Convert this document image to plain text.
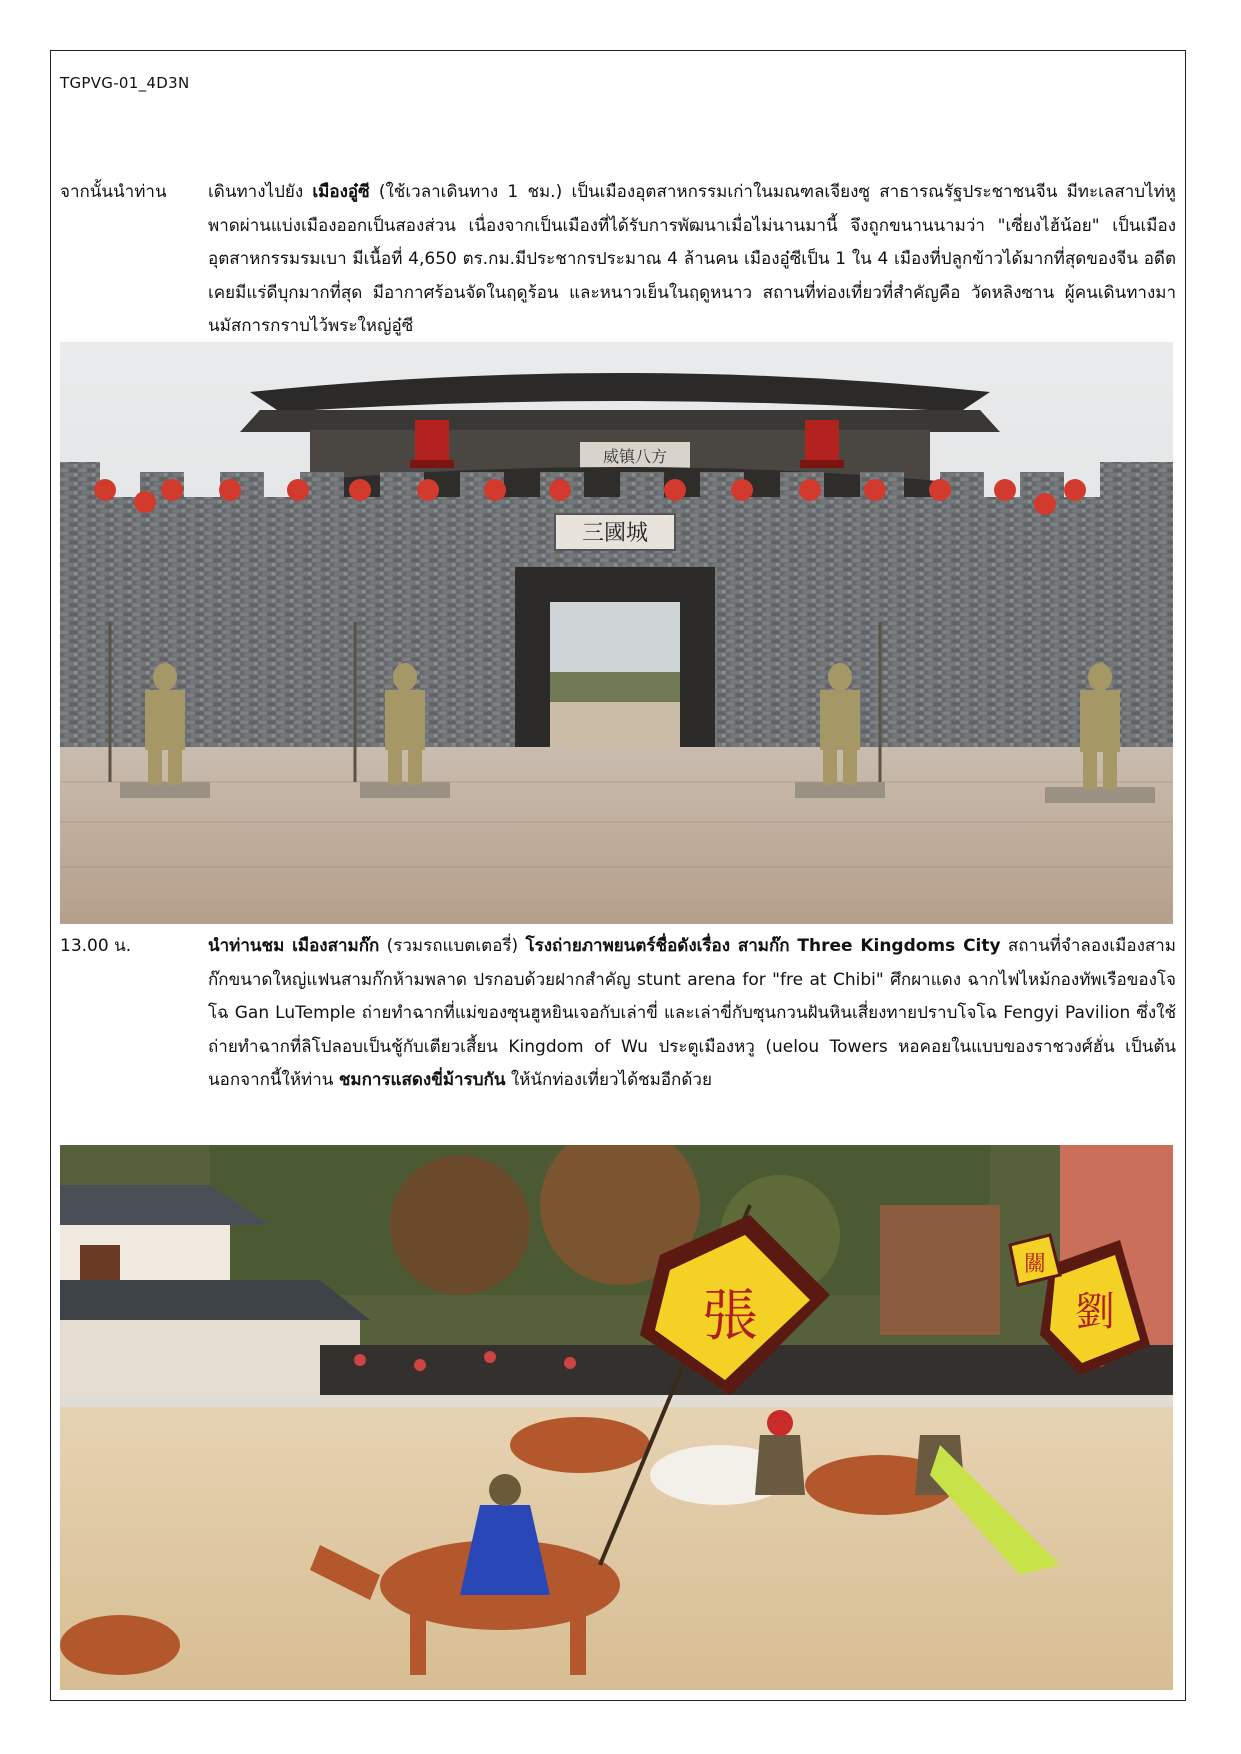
TGPVG-01_4D3N
จากนั้นนำท่าน	เดินทางไปยัง เมืองอู๋ซี (ใช้เวลาเดินทาง 1 ชม.) เป็นเมืองอุตสาหกรรมเก่าในมณฑลเจียงซู สาธารณรัฐประชาชนจีน มีทะเลสาบไท่หูพาดผ่านแบ่งเมืองออกเป็นสองส่วน เนื่องจากเป็นเมืองที่ได้รับการพัฒนาเมื่อไม่นานมานี้ จึงถูกขนานนามว่า "เซี่ยงไฮ้น้อย" เป็นเมืองอุตสาหกรรมรมเบา มีเนื้อที่ 4,650 ตร.กม.มีประชากรประมาณ 4 ล้านคน เมืองอู๋ซีเป็น 1 ใน 4 เมืองที่ปลูกข้าวได้มากที่สุดของจีน อดีตเคยมีแร่ดีบุกมากที่สุด มีอากาศร้อนจัดในฤดูร้อน และหนาวเย็นในฤดูหนาว สถานที่ท่องเที่ยวที่สำคัญคือ วัดหลิงซาน ผู้คนเดินทางมานมัสการกราบไว้พระใหญ่อู๋ซี
威镇八方
三國城
13.00 น.	นำท่านชม เมืองสามก๊ก (รวมรถแบตเตอรี่) โรงถ่ายภาพยนตร์ชื่อดังเรื่อง สามก๊ก Three Kingdoms City สถานที่จำลองเมืองสามก๊กขนาดใหญ่แฟนสามก๊กห้ามพลาด ปรกอบด้วยฝากสำคัญ stunt arena for "fre at Chibi" ศึกผาแดง ฉากไฟไหม้กองทัพเรือของโจโฉ Gan LuTemple ถ่ายทำฉากที่แม่ของซุนฮูหยินเจอกับเล่าขี่ และเล่าขี่กับซุนกวนฝันหินเสี่ยงทายปราบโจโฉ Fengyi Pavilion ซึ่งใช้ถ่ายทำฉากที่ลิโปลอบเป็นชู้กับเตียวเสี้ยน Kingdom of Wu ประตูเมืองหวู (uelou Towers หอคอยในแบบของราชวงศ์ฮั่น เป็นต้น นอกจากนี้ให้ท่าน ชมการแสดงขี่ม้ารบกัน ให้นักท่องเที่ยวได้ชมอีกด้วย
張	劉
關
